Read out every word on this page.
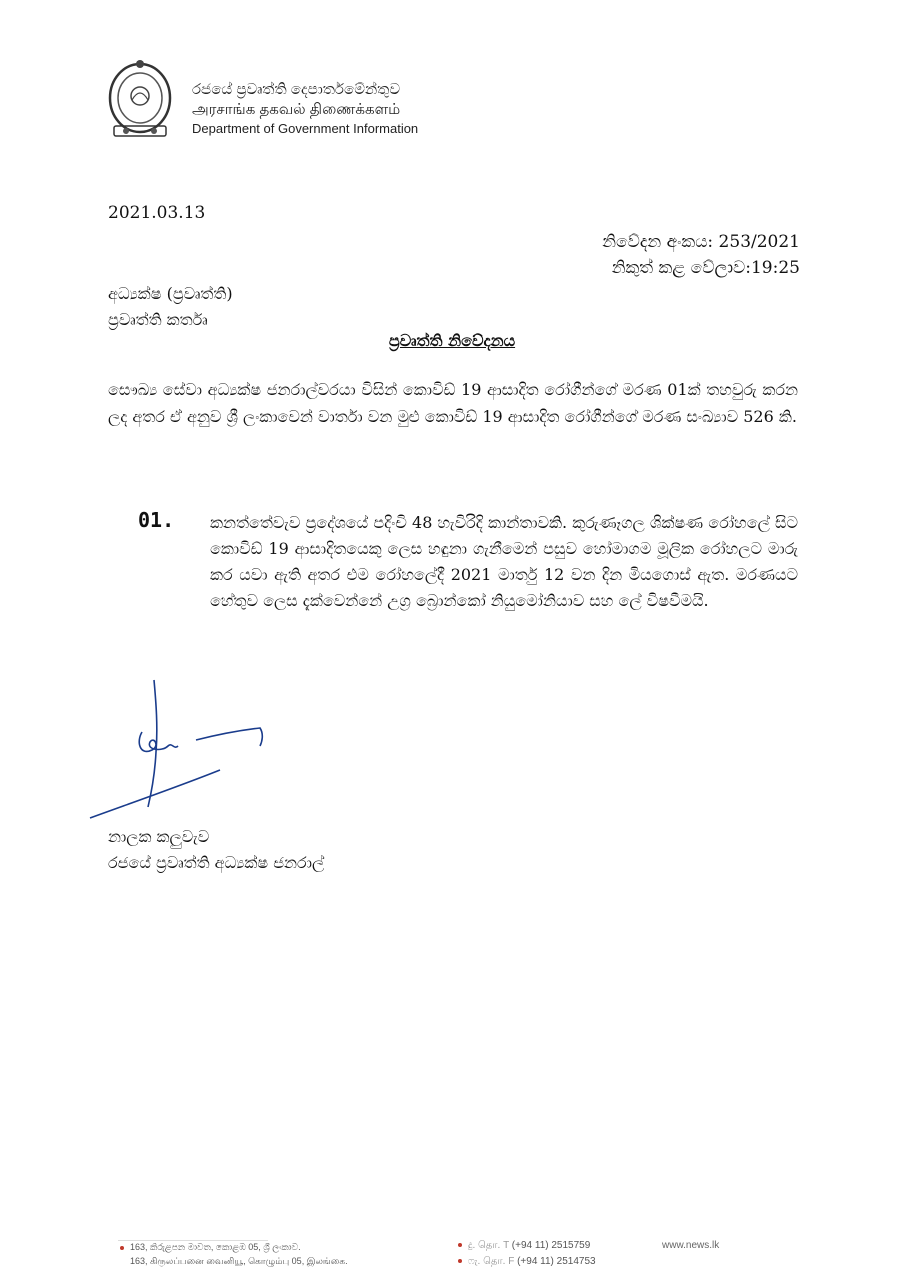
රජයේ ප්‍රවෘත්ති දෙපාර්තමේන්තුව
அரசாங்க தகவல் திணைக்களம்
Department of Government Information
2021.03.13
නිවේදන අංකය: 253/2021
නිකුත් කළ වේලාව:19:25
අධ්‍යක්ෂ (ප්‍රවෘත්ති)
ප්‍රවෘත්ති කර්තෘ
ප්‍රවෘත්ති නිවේදනය
සෞඛ්‍ය සේවා අධ්‍යක්ෂ ජනරාල්වරයා විසින් කොවිඩ් 19 ආසාදිත රෝගීන්ගේ මරණ 01ක් තහවුරු කරන ලද අතර ඒ අනුව ශ්‍රී ලංකාවෙන් වාර්තා වන මුළු කොවිඩ් 19 ආසාදිත රෝගීන්ගේ මරණ සංඛ්‍යාව 526 කි.
01. කනත්තේවැව ප්‍රදේශයේ පදිංචි 48 හැවිරිදි කාන්තාවකි. කුරුණෑගල ශික්ෂණ රෝහලේ සිට කොවිඩ් 19 ආසාදිතයෙකු ලෙස හඳුනා ගැනීමෙන් පසුව හෝමාගම මූලික රෝහලට මාරු කර යවා ඇති අතර එම රෝහලේදී 2021 මාර්තු 12 වන දින මියගොස් ඇත. මරණයට හේතුව ලෙස දැක්වෙන්නේ උග්‍ර බ්‍රොන්කෝ නියුමෝනියාව සහ ලේ විෂවීමයි.
නාලක කලුවැව
රජයේ ප්‍රවෘත්ති අධ්‍යක්ෂ ජනරාල්
163, කිරුළපන මාවත, කොළඹ 05, ශ්‍රී ලංකාව.
163, கிருலப்பனை வைனியூ, கொழும்பு 05, இலங்கை.
දු. தொ. T (+94 11) 2515759
ෆැ. தொ. F (+94 11) 2514753
www.news.lk
